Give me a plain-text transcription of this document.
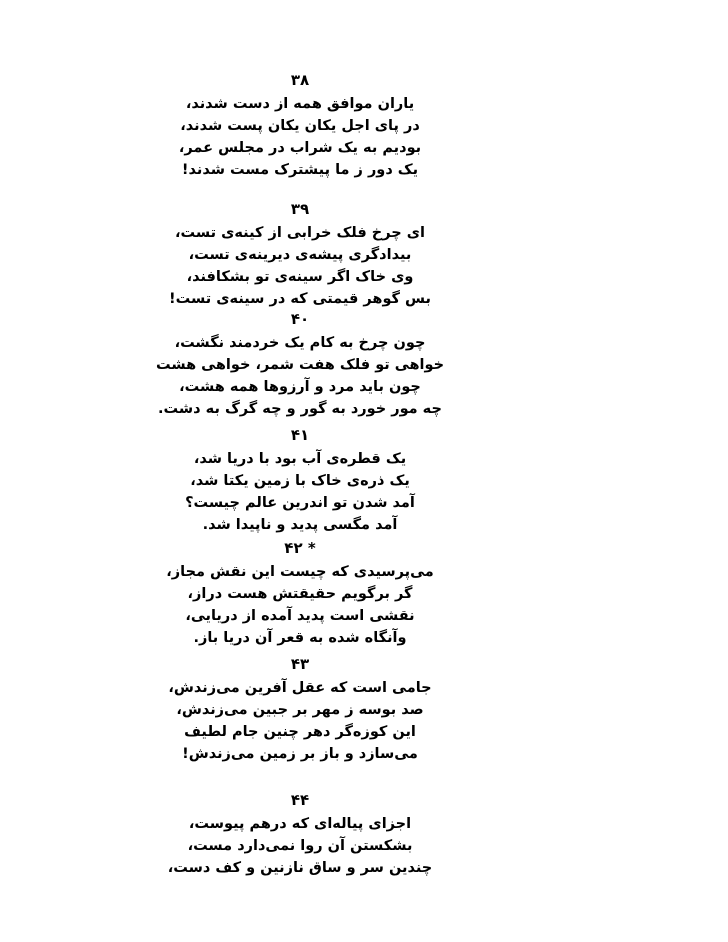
۳۸
یاران موافق همه از دست شدند،
در پای اجل یکان یکان پست شدند،
بودیم به یک شراب در مجلس عمر،
یک دور ز ما پیشترک مست شدند!
۳۹
ای چرخ فلک خرابی از کینه‌ی تست،
بیدادگری پیشه‌ی دیرینه‌ی تست،
وی خاک اگر سینه‌ی تو بشکافند،
بس گوهر قیمتی که در سینه‌ی تست!
۴۰
چون چرخ به کام یک خردمند نگشت،
خواهی تو فلک هفت شمر، خواهی هشت
چون باید مرد و آرزوها همه هشت،
چه مور خورد به گور و چه گرگ به دشت.
۴۱
یک قطره‌ی آب بود با دریا شد،
یک ذره‌ی خاک با زمین یکتا شد،
آمد شدن تو اندرین عالم چیست؟
آمد مگسی پدید و ناپیدا شد.
* ۴۲
می‌پرسیدی که چیست این نقش مجاز،
گر برگویم حقیقتش هست دراز،
نقشی است پدید آمده از دریایی،
وآنگاه شده به قعر آن دریا باز.
۴۳
جامی است که عقل آفرین می‌زندش،
صد بوسه ز مهر بر جبین می‌زندش،
این کوزه‌گر دهر چنین جام لطیف
می‌سازد و باز بر زمین می‌زندش!
۴۴
اجزای پیاله‌ای که درهم پیوست،
بشکستن آن روا نمی‌دارد مست،
چندین سر و ساق نازنین و کف دست،
